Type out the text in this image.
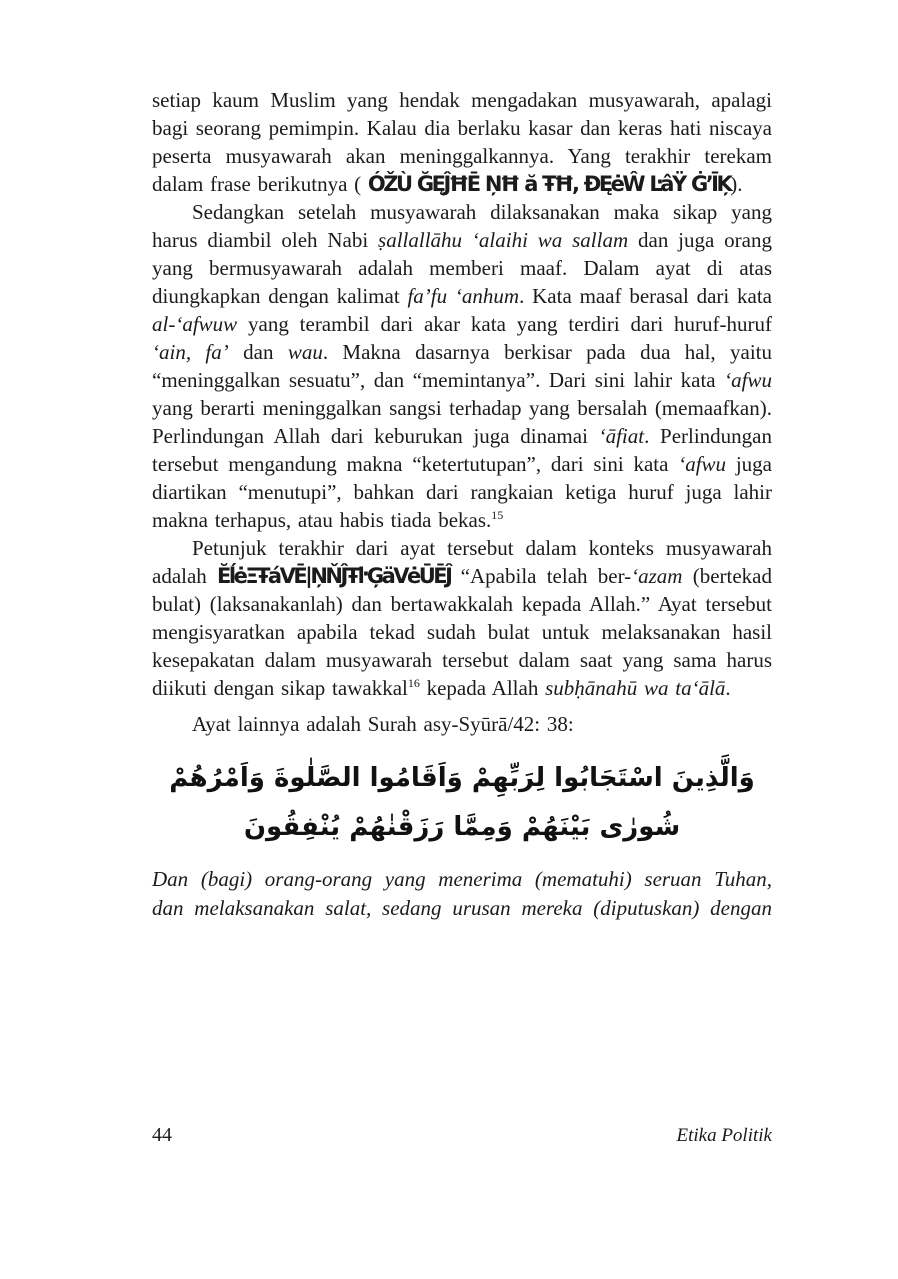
setiap kaum Muslim yang hendak mengadakan musyawarah, apalagi bagi seorang pemimpin. Kalau dia berlaku kasar dan keras hati niscaya peserta musyawarah akan meninggalkannya. Yang terakhir terekam dalam frase berikutnya ( ÓŽÙ ĞĘĴĦĒ ŅĦ ă ŦĦ, ĐĘėŴ ĿâŸ Ġ’ĪĶ).

Sedangkan setelah musyawarah dilaksanakan maka sikap yang harus diambil oleh Nabi ṣallallāhu ‘alaihi wa sallam dan juga orang yang bermusyawarah adalah memberi maaf. Dalam ayat di atas diungkapkan dengan kalimat fa’fu ‘anhum. Kata maaf berasal dari kata al-‘afwuw yang terambil dari akar kata yang terdiri dari huruf-huruf ‘ain, fa’ dan wau. Makna dasarnya berkisar pada dua hal, yaitu “meninggalkan sesuatu”, dan “memintanya”. Dari sini lahir kata ‘afwu yang berarti meninggalkan sangsi terhadap yang bersalah (memaafkan). Perlindungan Allah dari keburukan juga dinamai ‘āfiat. Perlindungan tersebut mengandung makna “ketertutupan”, dari sini kata ‘afwu juga diartikan “menutupi”, bahkan dari rangkaian ketiga huruf juga lahir makna terhapus, atau habis tiada bekas.$^{15}$

Petunjuk terakhir dari ayat tersebut dalam konteks musyawarah adalah ĔĺėΞŦáVĒ|ŅŇĴŦŀĢäVėŪĒĴ “Apabila telah ber-‘azam (bertekad bulat) (laksanakanlah) dan bertawakkalah kepada Allah.” Ayat tersebut mengisyaratkan apabila tekad sudah bulat untuk melaksanakan hasil kesepakatan dalam musyawarah tersebut dalam saat yang sama harus diikuti dengan sikap tawakkal$^{16}$ kepada Allah subḥānahū wa ta‘ālā.

Ayat lainnya adalah Surah asy-Syūrā/42: 38:

وَالَّذِينَ اسْتَجَابُوا لِرَبِّهِمْ وَاَقَامُوا الصَّلٰوةَ وَاَمْرُهُمْ شُورٰى بَيْنَهُمْ وَمِمَّا رَزَقْنٰهُمْ يُنْفِقُونَ

Dan (bagi) orang-orang yang menerima (mematuhi) seruan Tuhan, dan melaksanakan salat, sedang urusan mereka (diputuskan) dengan

44	Etika Politik
